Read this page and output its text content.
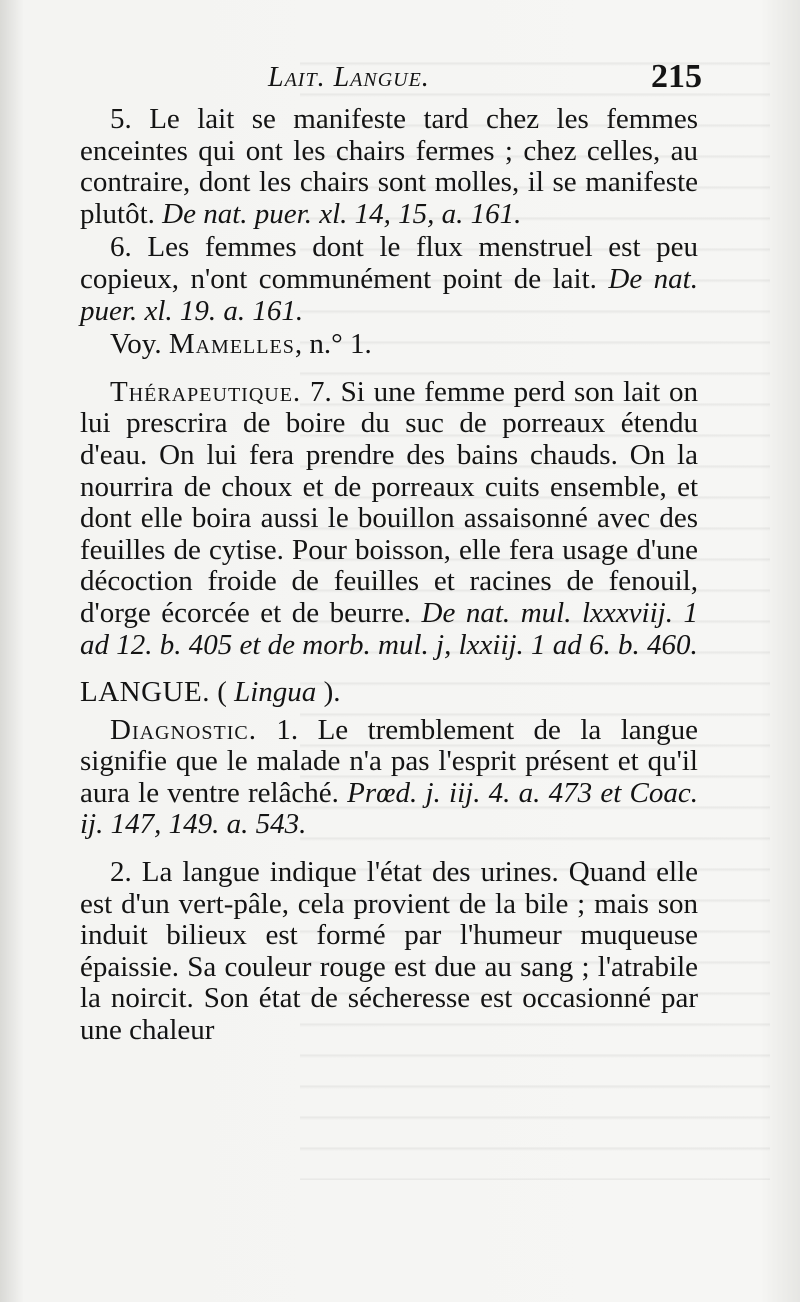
Lait. Langue.	215

5. Le lait se manifeste tard chez les femmes enceintes qui ont les chairs fermes ; chez celles, au contraire, dont les chairs sont molles, il se manifeste plutôt. De nat. puer. xl. 14, 15, a. 161.

6. Les femmes dont le flux menstruel est peu copieux, n'ont communément point de lait. De nat. puer. xl. 19. a. 161.

Voy. Mamelles, n.° 1.

Thérapeutique. 7. Si une femme perd son lait on lui prescrira de boire du suc de porreaux étendu d'eau. On lui fera prendre des bains chauds. On la nourrira de choux et de porreaux cuits ensemble, et dont elle boira aussi le bouillon assaisonné avec des feuilles de cytise. Pour boisson, elle fera usage d'une décoction froide de feuilles et racines de fenouil, d'orge écorcée et de beurre. De nat. mul. lxxxviij. 1 ad 12. b. 405 et de morb. mul. j, lxxiij. 1 ad 6. b. 460.

LANGUE. ( Lingua ).

Diagnostic. 1. Le tremblement de la langue signifie que le malade n'a pas l'esprit présent et qu'il aura le ventre relâché. Prœd. j. iij. 4. a. 473 et Coac. ij. 147, 149. a. 543.

2. La langue indique l'état des urines. Quand elle est d'un vert-pâle, cela provient de la bile ; mais son induit bilieux est formé par l'humeur muqueuse épaissie. Sa couleur rouge est due au sang ; l'atrabile la noircit. Son état de sécheresse est occasionné par une chaleur
